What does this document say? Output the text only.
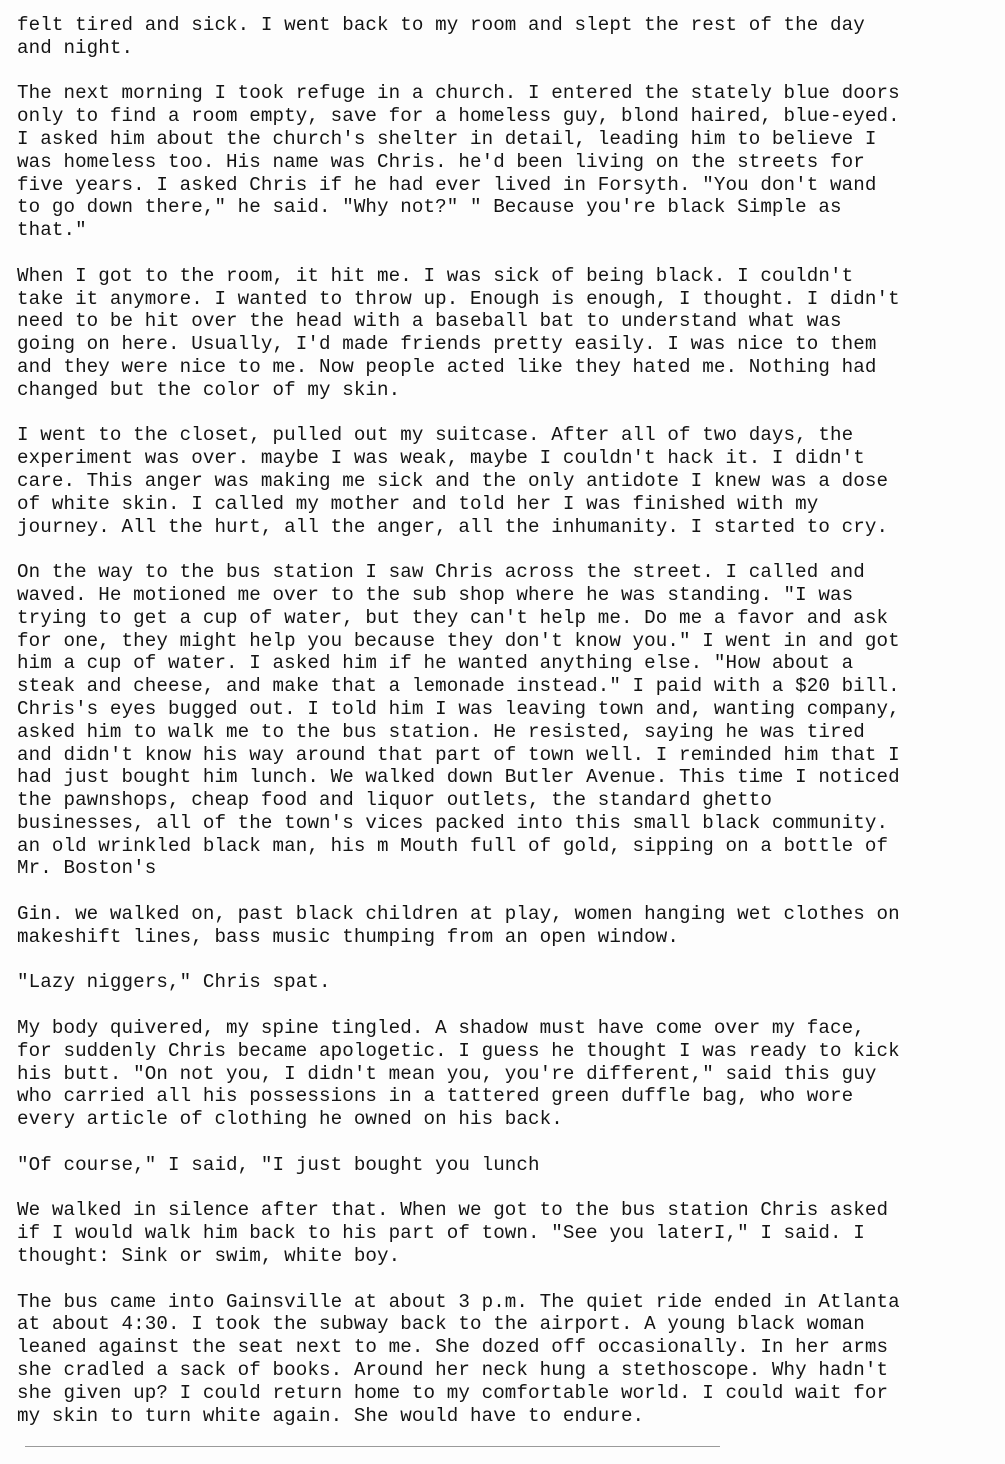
felt tired and sick. I went back to my room and slept the rest of the day
and night.

The next morning I took refuge in a church. I entered the stately blue doors
only to find a room empty, save for a homeless guy, blond haired, blue-eyed.
I asked him about the church's shelter in detail, leading him to believe I
was homeless too. His name was Chris. he'd been living on the streets for
five years. I asked Chris if he had ever lived in Forsyth. "You don't wand
to go down there," he said. "Why not?" " Because you're black Simple as
that."

When I got to the room, it hit me. I was sick of being black. I couldn't
take it anymore. I wanted to throw up. Enough is enough, I thought. I didn't
need to be hit over the head with a baseball bat to understand what was
going on here. Usually, I'd made friends pretty easily. I was nice to them
and they were nice to me. Now people acted like they hated me. Nothing had
changed but the color of my skin.

I went to the closet, pulled out my suitcase. After all of two days, the
experiment was over. maybe I was weak, maybe I couldn't hack it. I didn't
care. This anger was making me sick and the only antidote I knew was a dose
of white skin. I called my mother and told her I was finished with my
journey. All the hurt, all the anger, all the inhumanity. I started to cry.

On the way to the bus station I saw Chris across the street. I called and
waved. He motioned me over to the sub shop where he was standing. "I was
trying to get a cup of water, but they can't help me. Do me a favor and ask
for one, they might help you because they don't know you." I went in and got
him a cup of water. I asked him if he wanted anything else. "How about a
steak and cheese, and make that a lemonade instead." I paid with a $20 bill.
Chris's eyes bugged out. I told him I was leaving town and, wanting company,
asked him to walk me to the bus station. He resisted, saying he was tired
and didn't know his way around that part of town well. I reminded him that I
had just bought him lunch. We walked down Butler Avenue. This time I noticed
the pawnshops, cheap food and liquor outlets, the standard ghetto
businesses, all of the town's vices packed into this small black community.
an old wrinkled black man, his m Mouth full of gold, sipping on a bottle of
Mr. Boston's

Gin. we walked on, past black children at play, women hanging wet clothes on
makeshift lines, bass music thumping from an open window.

"Lazy niggers," Chris spat.

My body quivered, my spine tingled. A shadow must have come over my face,
for suddenly Chris became apologetic. I guess he thought I was ready to kick
his butt. "On not you, I didn't mean you, you're different," said this guy
who carried all his possessions in a tattered green duffle bag, who wore
every article of clothing he owned on his back.

"Of course," I said, "I just bought you lunch

We walked in silence after that. When we got to the bus station Chris asked
if I would walk him back to his part of town. "See you laterI," I said. I
thought: Sink or swim, white boy.

The bus came into Gainsville at about 3 p.m. The quiet ride ended in Atlanta
at about 4:30. I took the subway back to the airport. A young black woman
leaned against the seat next to me. She dozed off occasionally. In her arms
she cradled a sack of books. Around her neck hung a stethoscope. Why hadn't
she given up? I could return home to my comfortable world. I could wait for
my skin to turn white again. She would have to endure.
